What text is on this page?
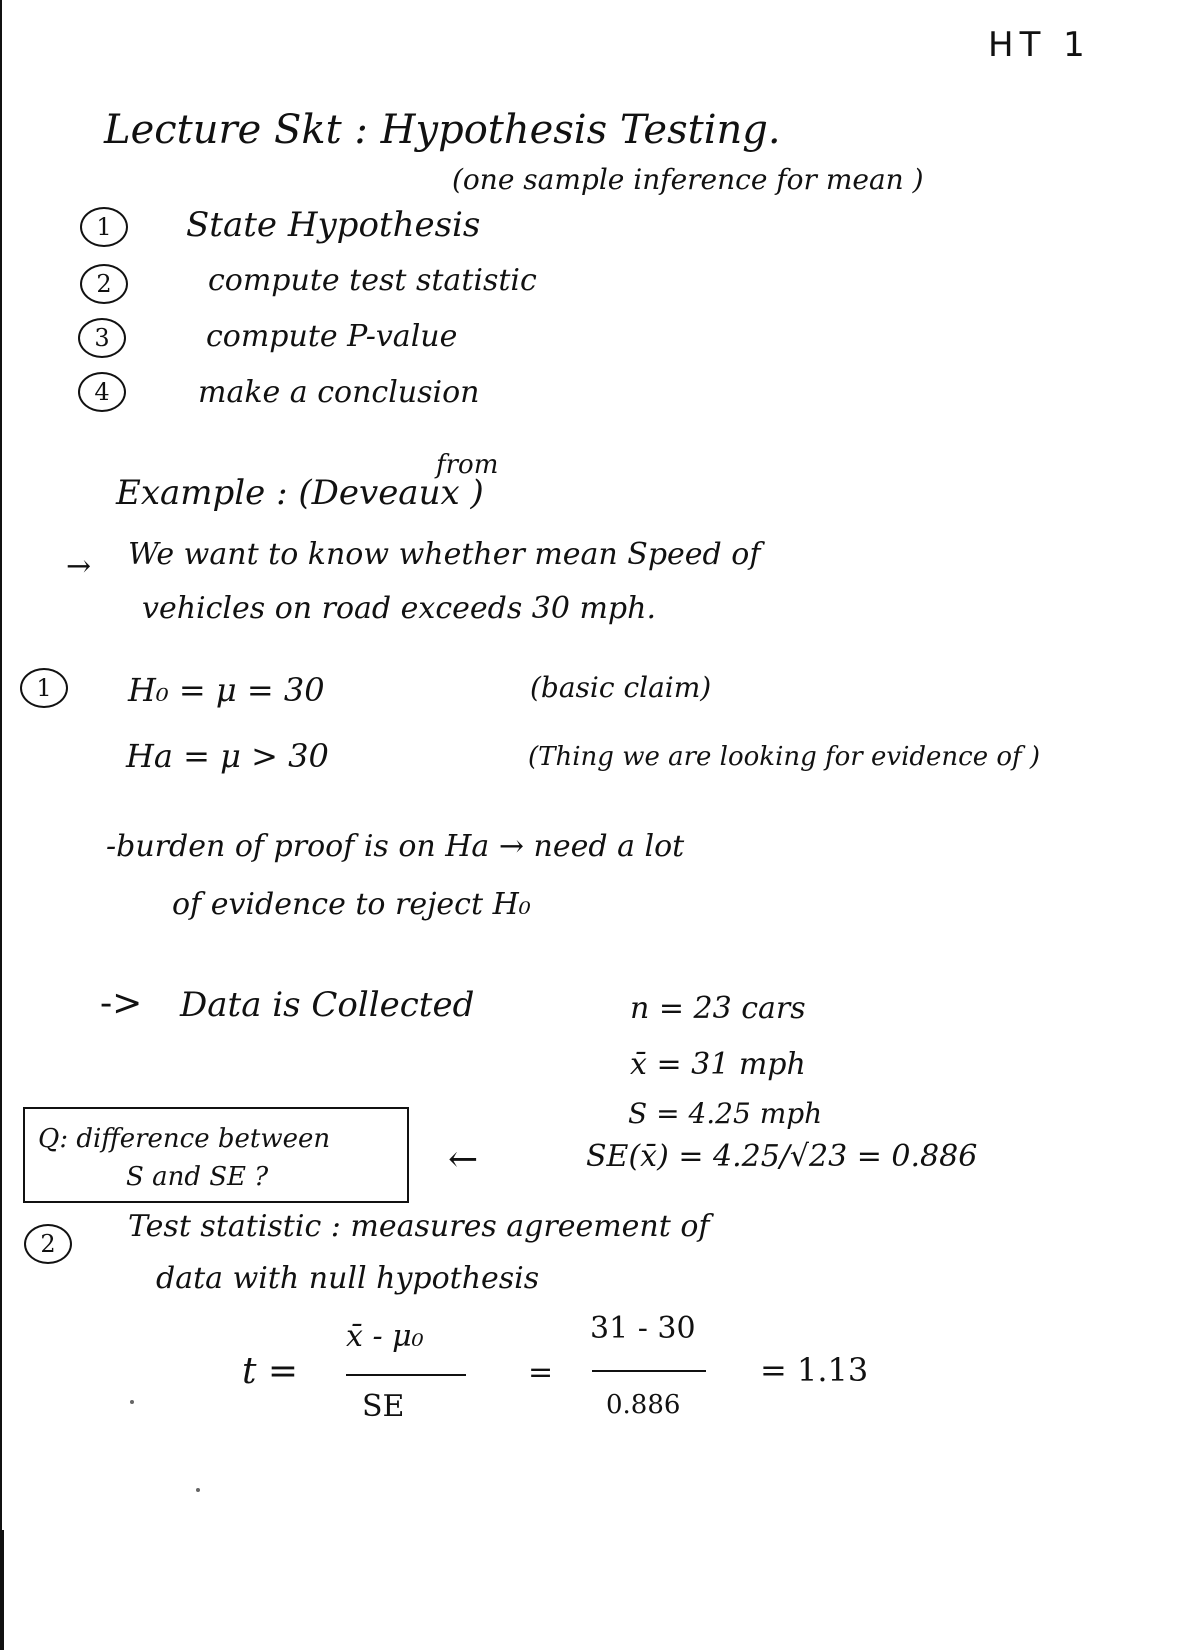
HT 1
Lecture Skt : Hypothesis Testing.
(one sample inference for mean )
1	State Hypothesis
2	compute test statistic
3	compute P-value
4	make a conclusion
from
Example : (Deveaux )
→ We want to know whether mean Speed of
vehicles on road exceeds 30 mph.
1	H₀ = μ = 30	(basic claim)
Ha = μ > 30	(Thing we are looking for evidence of )
-burden of proof is on Ha → need a lot
of evidence to reject H₀
-> Data is Collected	n = 23 cars
x̄ = 31 mph
S = 4.25 mph
SE(x̄) = 4.25/√23 = 0.886
←
Q: difference between
S and SE ?
2	Test statistic : measures agreement of
data with null hypothesis
t =
x̄ - μ₀
SE
=
31 - 30
0.886
= 1.13
